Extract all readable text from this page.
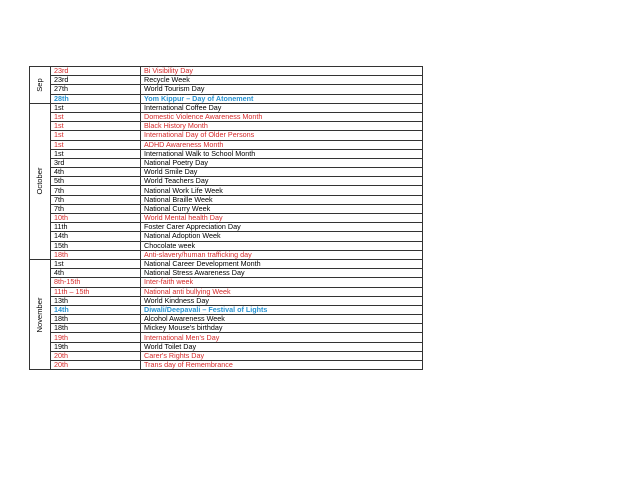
Sep	23rd	Bi Visibility Day
	23rd	Recycle Week
	27th	World Tourism Day
	28th	Yom Kippur – Day of Atonement

October	1st	International Coffee Day
	1st	Domestic Violence Awareness Month
	1st	Black History Month
	1st	International Day of Older Persons
	1st	ADHD Awareness Month
	1st	International Walk to School Month
	3rd	National Poetry Day
	4th	World Smile Day
	5th	World Teachers Day
	7th	National Work Life Week
	7th	National Braille Week
	7th	National Curry Week
	10th	World Mental health Day
	11th	Foster Carer Appreciation Day
	14th	National Adoption Week
	15th	Chocolate week
	18th	Anti-slavery/human trafficking day

November	1st	National Career Development Month
	4th	National Stress Awareness Day
	8th-15th	Inter-faith week
	11th – 15th	National anti bullying Week
	13th	World Kindness Day
	14th	Diwali/Deepavali – Festival of Lights
	18th	Alcohol Awareness Week
	18th	Mickey Mouse's birthday
	19th	International Men's Day
	19th	World Toilet Day
	20th	Carer's Rights Day
	20th	Trans day of Remembrance
